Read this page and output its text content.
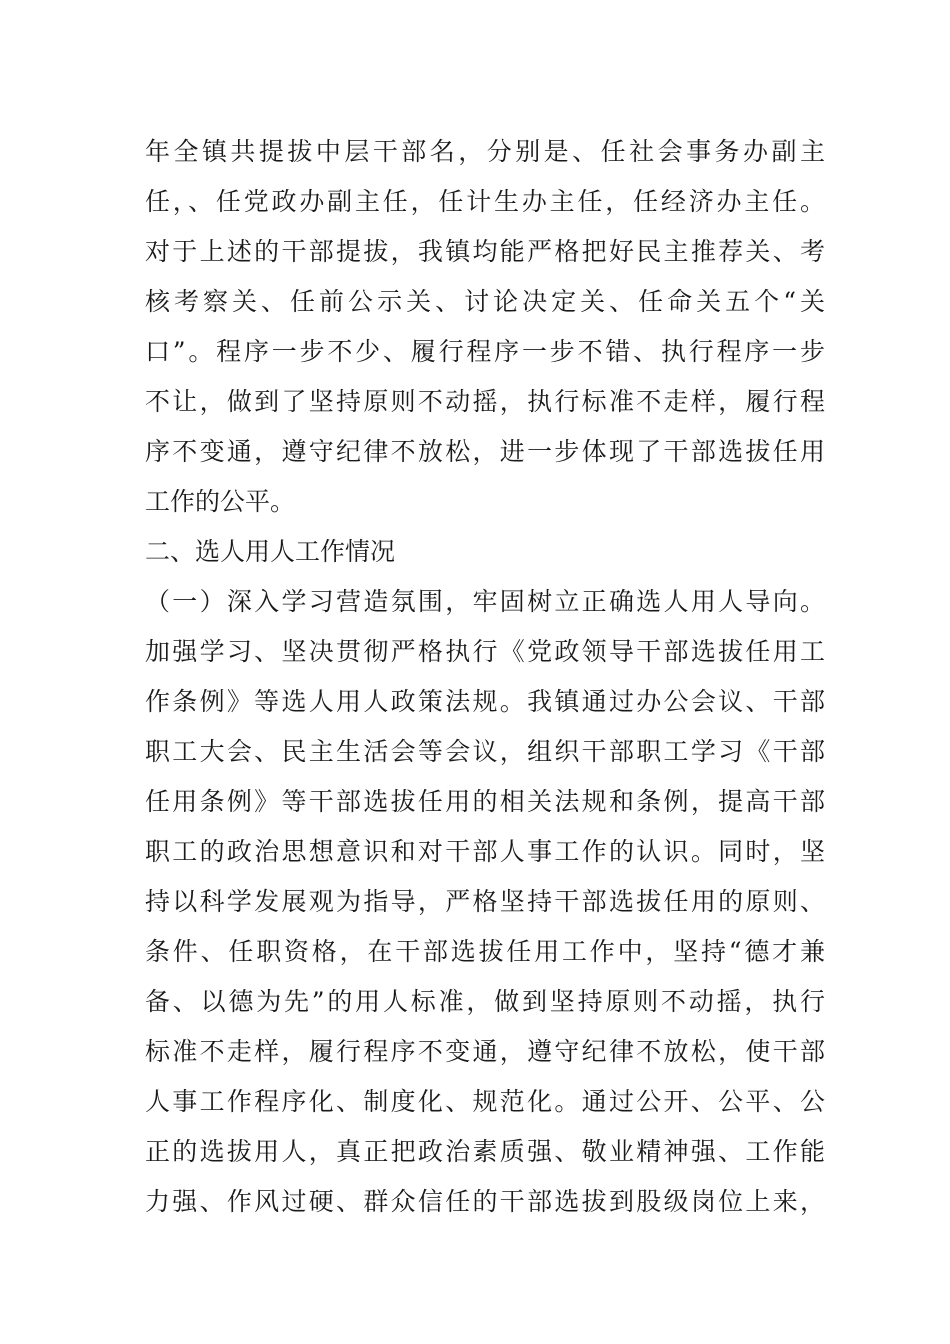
年全镇共提拔中层干部名，分别是、任社会事务办副主
任，、任党政办副主任，任计生办主任，任经济办主任。
对于上述的干部提拔，我镇均能严格把好民主推荐关、考
核考察关、任前公示关、讨论决定关、任命关五个“关
口”。程序一步不少、履行程序一步不错、执行程序一步
不让，做到了坚持原则不动摇，执行标准不走样，履行程
序不变通，遵守纪律不放松，进一步体现了干部选拔任用
工作的公平。
二、选人用人工作情况
（一）深入学习营造氛围，牢固树立正确选人用人导向。
加强学习、坚决贯彻严格执行《党政领导干部选拔任用工
作条例》等选人用人政策法规。我镇通过办公会议、干部
职工大会、民主生活会等会议，组织干部职工学习《干部
任用条例》等干部选拔任用的相关法规和条例，提高干部
职工的政治思想意识和对干部人事工作的认识。同时，坚
持以科学发展观为指导，严格坚持干部选拔任用的原则、
条件、任职资格，在干部选拔任用工作中，坚持“德才兼
备、以德为先”的用人标准，做到坚持原则不动摇，执行
标准不走样，履行程序不变通，遵守纪律不放松，使干部
人事工作程序化、制度化、规范化。通过公开、公平、公
正的选拔用人，真正把政治素质强、敬业精神强、工作能
力强、作风过硬、群众信任的干部选拔到股级岗位上来，
